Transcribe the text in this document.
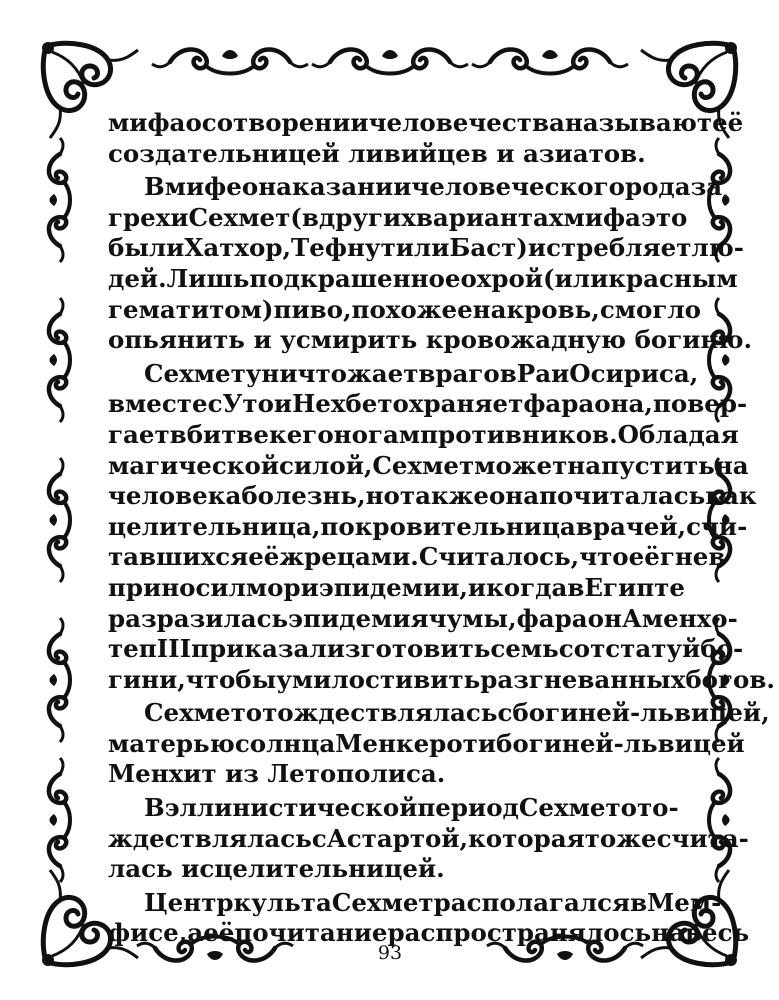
мифа о сотворении человечества называют её
создательницей ливийцев и азиатов.
В мифе о наказании человеческого рода за
грехи Сехмет (в других вариантах мифа это
были Хатхор, Тефнут или Баст) истребляет лю-
дей. Лишь подкрашенное охрой (или красным
гематитом) пиво, похожее на кровь, смогло
опьянить и усмирить кровожадную богиню.
Сехмет уничтожает врагов Ра и Осириса,
вместе с Уто и Нехбет охраняет фараона, повер-
гает в битве к его ногам противников. Обладая
магической силой, Сехмет может напустить на
человека болезнь, но также она почиталась как
целительница, покровительница врачей, счи-
тавшихся её жрецами. Считалось, что её гнев
приносил мор и эпидемии, и когда в Египте
разразилась эпидемия чумы, фараон Аменхо-
теп III приказал изготовить семьсот статуй бо-
гини, чтобы умилостивить разгневанных богов.
Сехмет отождествлялась с богиней-львицей,
матерью солнца Менкерот и богиней-львицей
Менхит из Летополиса.
В эллинистической период Сехмет ото-
ждествлялась с Астартой, которая тоже счита-
лась исцелительницей.
Центр культа Сехмет располагался в Мем-
фисе, а её почитание распространялось на весь
93
